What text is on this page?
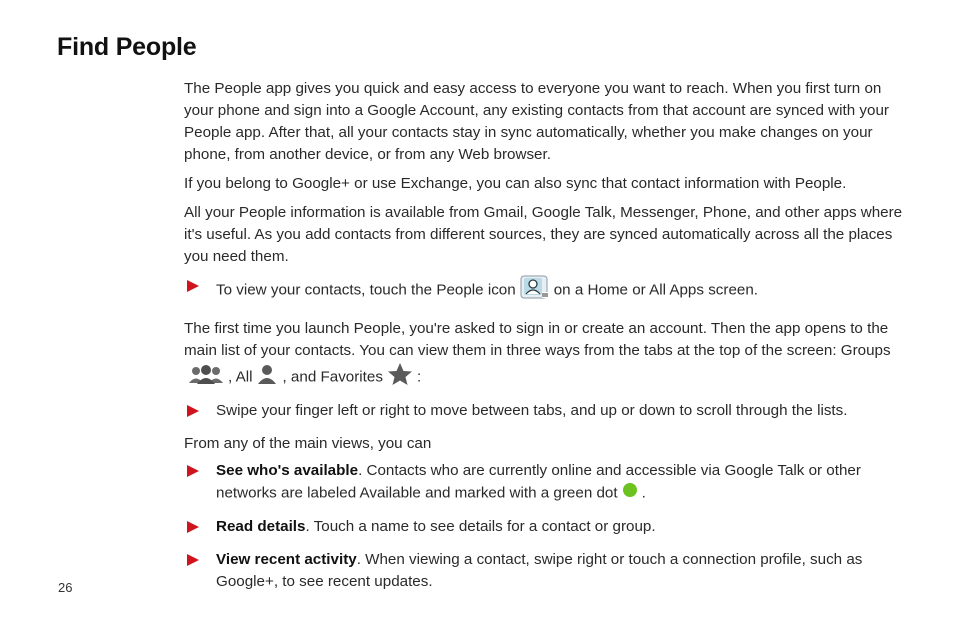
Find People

The People app gives you quick and easy access to everyone you want to reach. When you first turn on your phone and sign into a Google Account, any existing contacts from that account are synced with your People app. After that, all your contacts stay in sync automatically, whether you make changes on your phone, from another device, or from any Web browser.

If you belong to Google+ or use Exchange, you can also sync that contact information with People.

All your People information is available from Gmail, Google Talk, Messenger, Phone, and other apps where it's useful. As you add contacts from different sources, they are synced automatically across all the places you need them.

To view your contacts, touch the People icon	on a Home or All Apps screen.

The first time you launch People, you're asked to sign in or create an account. Then the app opens to the main list of your contacts. You can view them in three ways from the tabs at the top of the screen: Groups, All , and Favorites :

Swipe your finger left or right to move between tabs, and up or down to scroll through the lists.

From any of the main views, you can

See who's available. Contacts who are currently online and accessible via Google Talk or other networks are labeled Available and marked with a green dot .
Read details. Touch a name to see details for a contact or group.
View recent activity. When viewing a contact, swipe right or touch a connection profile, such as Google+, to see recent updates.
26
